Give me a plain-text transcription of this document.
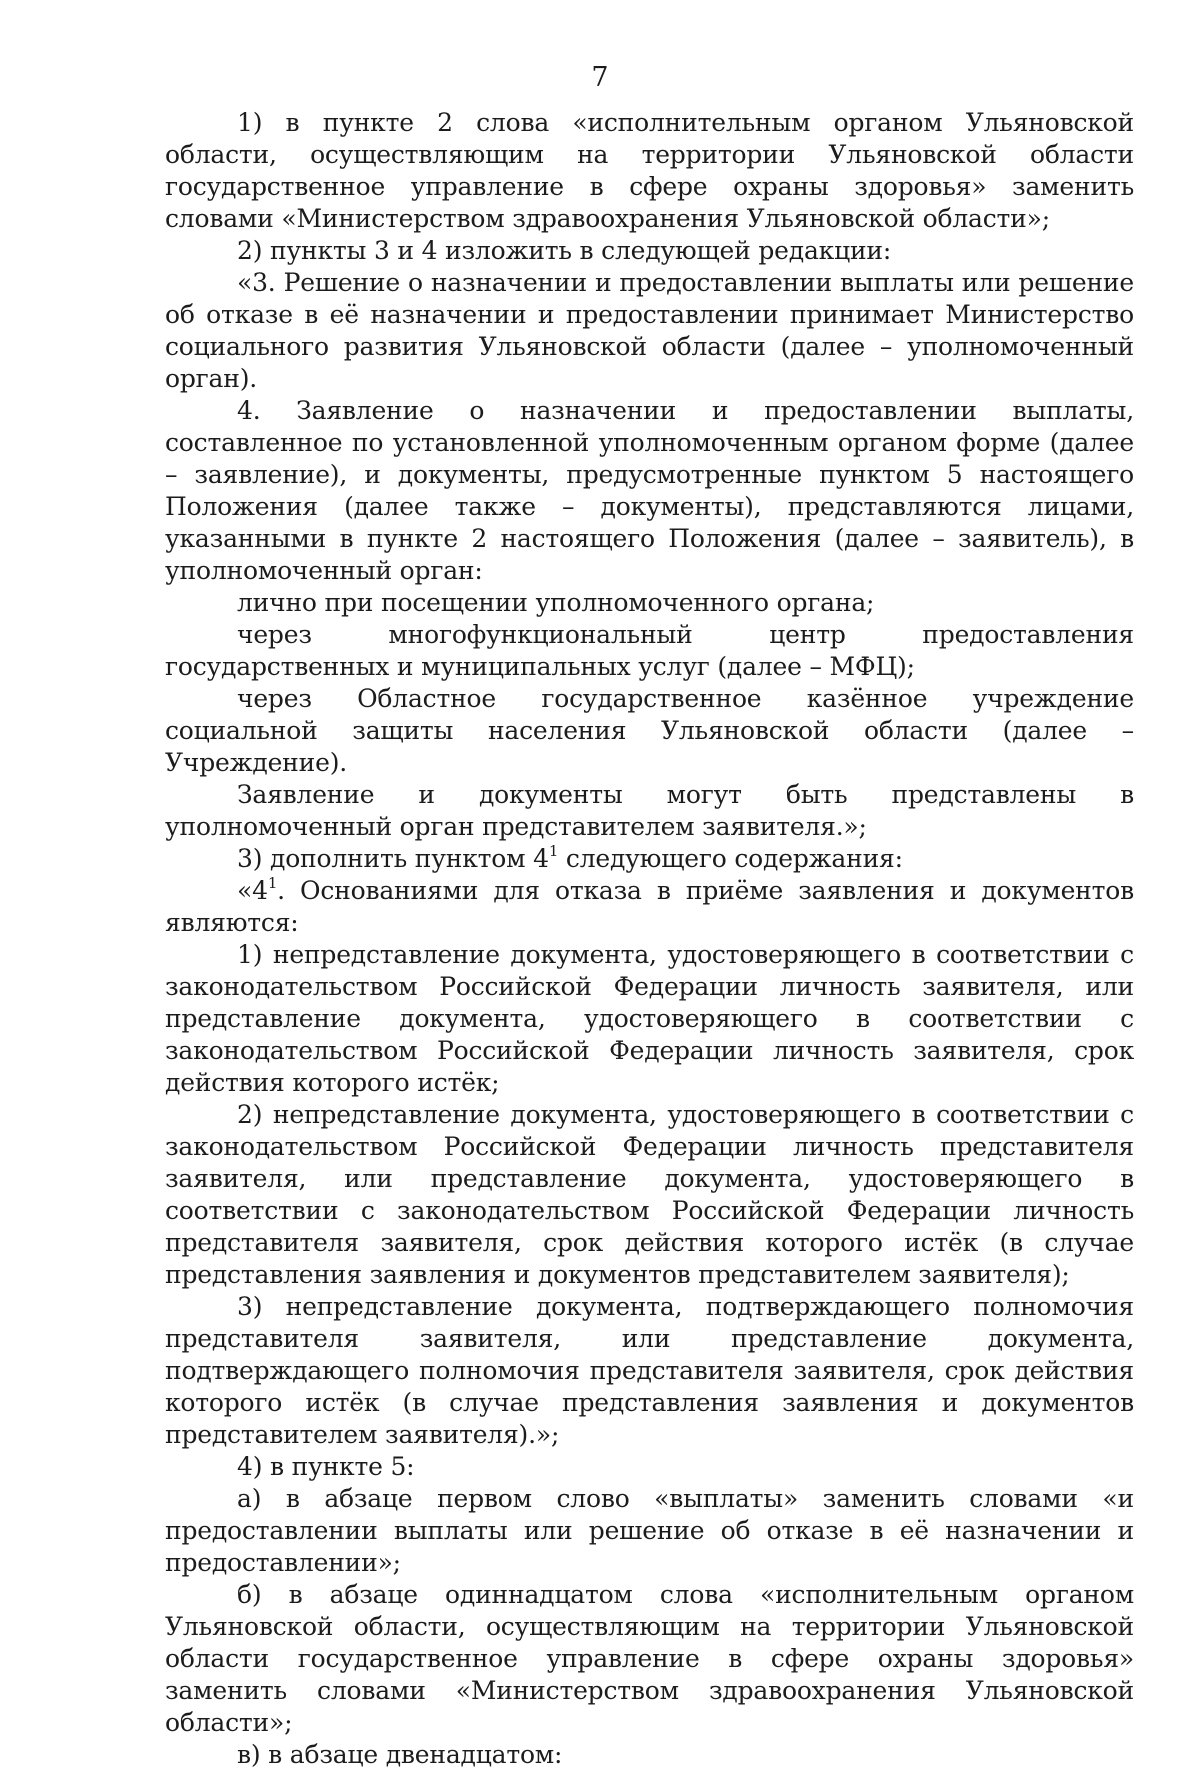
7

1) в пункте 2 слова «исполнительным органом Ульяновской области, осуществляющим на территории Ульяновской области государственное управление в сфере охраны здоровья» заменить словами «Министерством здравоохранения Ульяновской области»;

2) пункты 3 и 4 изложить в следующей редакции:

«3. Решение о назначении и предоставлении выплаты или решение об отказе в её назначении и предоставлении принимает Министерство социального развития Ульяновской области (далее – уполномоченный орган).

4. Заявление о назначении и предоставлении выплаты, составленное по установленной уполномоченным органом форме (далее – заявление), и документы, предусмотренные пунктом 5 настоящего Положения (далее также – документы), представляются лицами, указанными в пункте 2 настоящего Положения (далее – заявитель), в уполномоченный орган:

лично при посещении уполномоченного органа;

через многофункциональный центр предоставления государственных и муниципальных услуг (далее – МФЦ);

через Областное государственное казённое учреждение социальной защиты населения Ульяновской области (далее – Учреждение).

Заявление и документы могут быть представлены в уполномоченный орган представителем заявителя.»;

3) дополнить пунктом $4^1$ следующего содержания:

«$4^1$. Основаниями для отказа в приёме заявления и документов являются:

1) непредставление документа, удостоверяющего в соответствии с законодательством Российской Федерации личность заявителя, или представление документа, удостоверяющего в соответствии с законодательством Российской Федерации личность заявителя, срок действия которого истёк;

2) непредставление документа, удостоверяющего в соответствии с законодательством Российской Федерации личность представителя заявителя, или представление документа, удостоверяющего в соответствии с законодательством Российской Федерации личность представителя заявителя, срок действия которого истёк (в случае представления заявления и документов представителем заявителя);

3) непредставление документа, подтверждающего полномочия представителя заявителя, или представление документа, подтверждающего полномочия представителя заявителя, срок действия которого истёк (в случае представления заявления и документов представителем заявителя).»;

4) в пункте 5:

а) в абзаце первом слово «выплаты» заменить словами «и предоставлении выплаты или решение об отказе в её назначении и предоставлении»;

б) в абзаце одиннадцатом слова «исполнительным органом Ульяновской области, осуществляющим на территории Ульяновской области государственное управление в сфере охраны здоровья» заменить словами «Министерством здравоохранения Ульяновской области»;

в) в абзаце двенадцатом:
